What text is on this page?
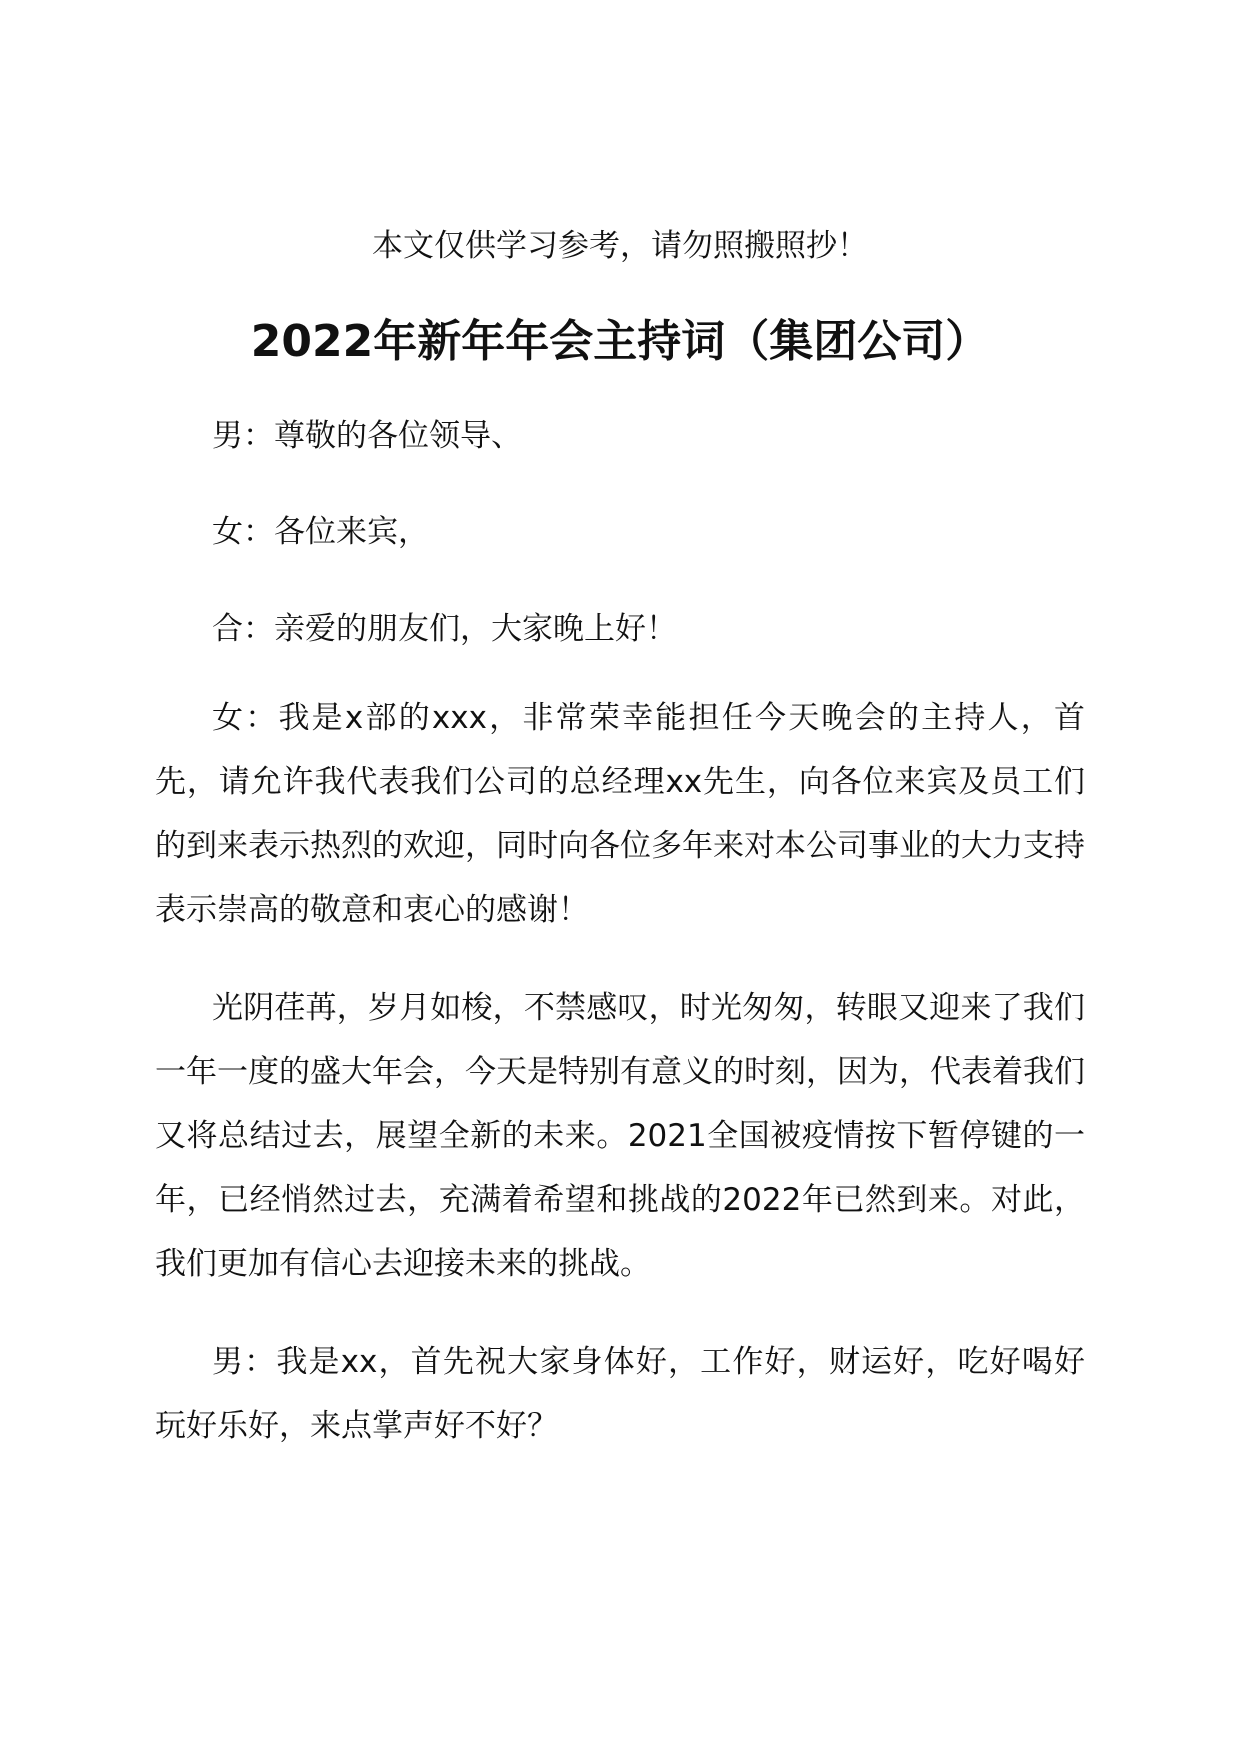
本文仅供学习参考，请勿照搬照抄！
2022年新年年会主持词（集团公司）

男：尊敬的各位领导、

女：各位来宾，

合：亲爱的朋友们，大家晚上好！

女：我是x部的xxx，非常荣幸能担任今天晚会的主持人，首先，请允许我代表我们公司的总经理xx先生，向各位来宾及员工们的到来表示热烈的欢迎，同时向各位多年来对本公司事业的大力支持表示崇高的敬意和衷心的感谢！

光阴荏苒，岁月如梭，不禁感叹，时光匆匆，转眼又迎来了我们一年一度的盛大年会，今天是特别有意义的时刻，因为，代表着我们又将总结过去，展望全新的未来。2021全国被疫情按下暂停键的一年，已经悄然过去，充满着希望和挑战的2022年已然到来。对此，我们更加有信心去迎接未来的挑战。

男：我是xx，首先祝大家身体好，工作好，财运好，吃好喝好玩好乐好，来点掌声好不好？
